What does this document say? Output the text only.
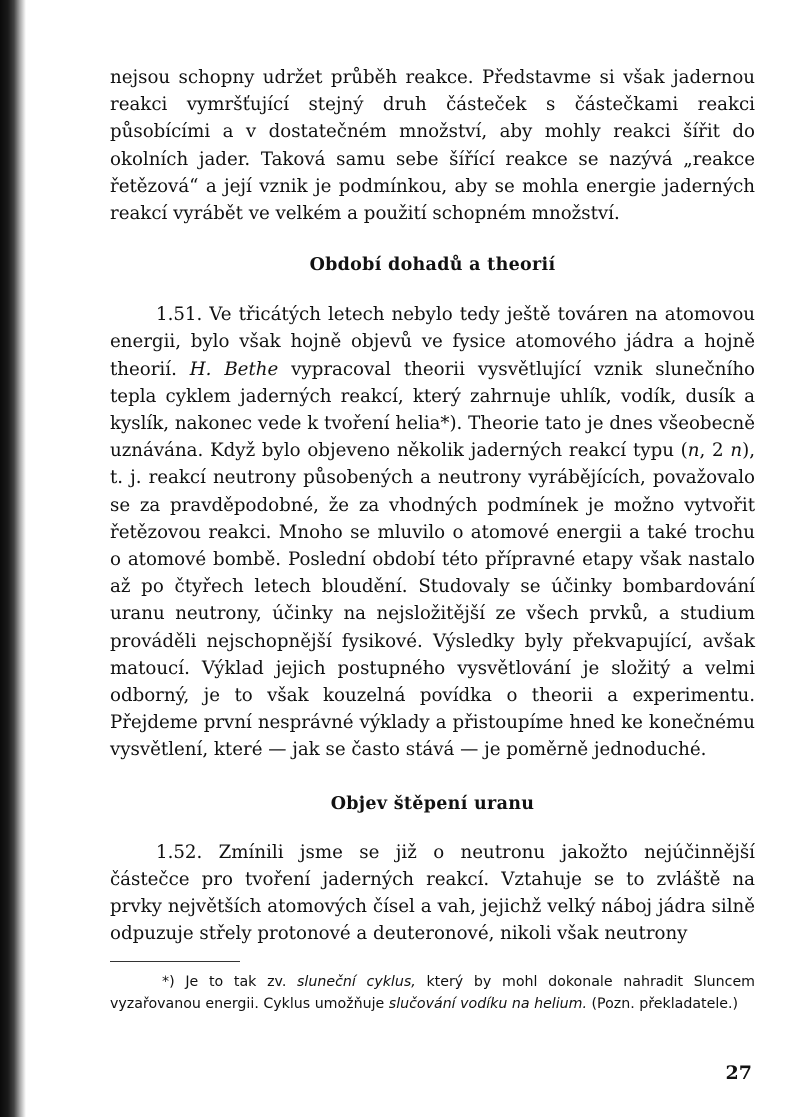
nejsou schopny udržet průběh reakce. Představme si však jadernou reakci vymršťující stejný druh částeček s částečkami reakci působícími a v dostatečném množství, aby mohly reakci šířit do okolních jader. Taková samu sebe šířící reakce se nazývá „reakce řetězová“ a její vznik je podmínkou, aby se mohla energie jaderných reakcí vyrábět ve velkém a použití schopném množství.

Období dohadů a theorií

1.51. Ve třicátých letech nebylo tedy ještě továren na atomovou energii, bylo však hojně objevů ve fysice atomového jádra a hojně theorií. H. Bethe vypracoval theorii vysvětlující vznik slunečního tepla cyklem jaderných reakcí, který zahrnuje uhlík, vodík, dusík a kyslík, nakonec vede k tvoření helia*). Theorie tato je dnes všeobecně uznávána. Když bylo objeveno několik jaderných reakcí typu (n, 2 n), t. j. reakcí neutrony působených a neutrony vyrábějících, považovalo se za pravděpodobné, že za vhodných podmínek je možno vytvořit řetězovou reakci. Mnoho se mluvilo o atomové energii a také trochu o atomové bombě. Poslední období této přípravné etapy však nastalo až po čtyřech letech bloudění. Studovaly se účinky bombardování uranu neutrony, účinky na nejsložitější ze všech prvků, a studium prováděli nejschopnější fysikové. Výsledky byly překvapující, avšak matoucí. Výklad jejich postupného vysvětlování je složitý a velmi odborný, je to však kouzelná povídka o theorii a experimentu. Přejdeme první nesprávné výklady a přistoupíme hned ke konečnému vysvětlení, které — jak se často stává — je poměrně jednoduché.

Objev štěpení uranu

1.52. Zmínili jsme se již o neutronu jakožto nejúčinnější částečce pro tvoření jaderných reakcí. Vztahuje se to zvláště na prvky největších atomových čísel a vah, jejichž velký náboj jádra silně odpuzuje střely protonové a deuteronové, nikoli však neutrony

*) Je to tak zv. sluneční cyklus, který by mohl dokonale nahradit Sluncem vyzařovanou energii. Cyklus umožňuje slučování vodíku na helium. (Pozn. překladatele.)
27
